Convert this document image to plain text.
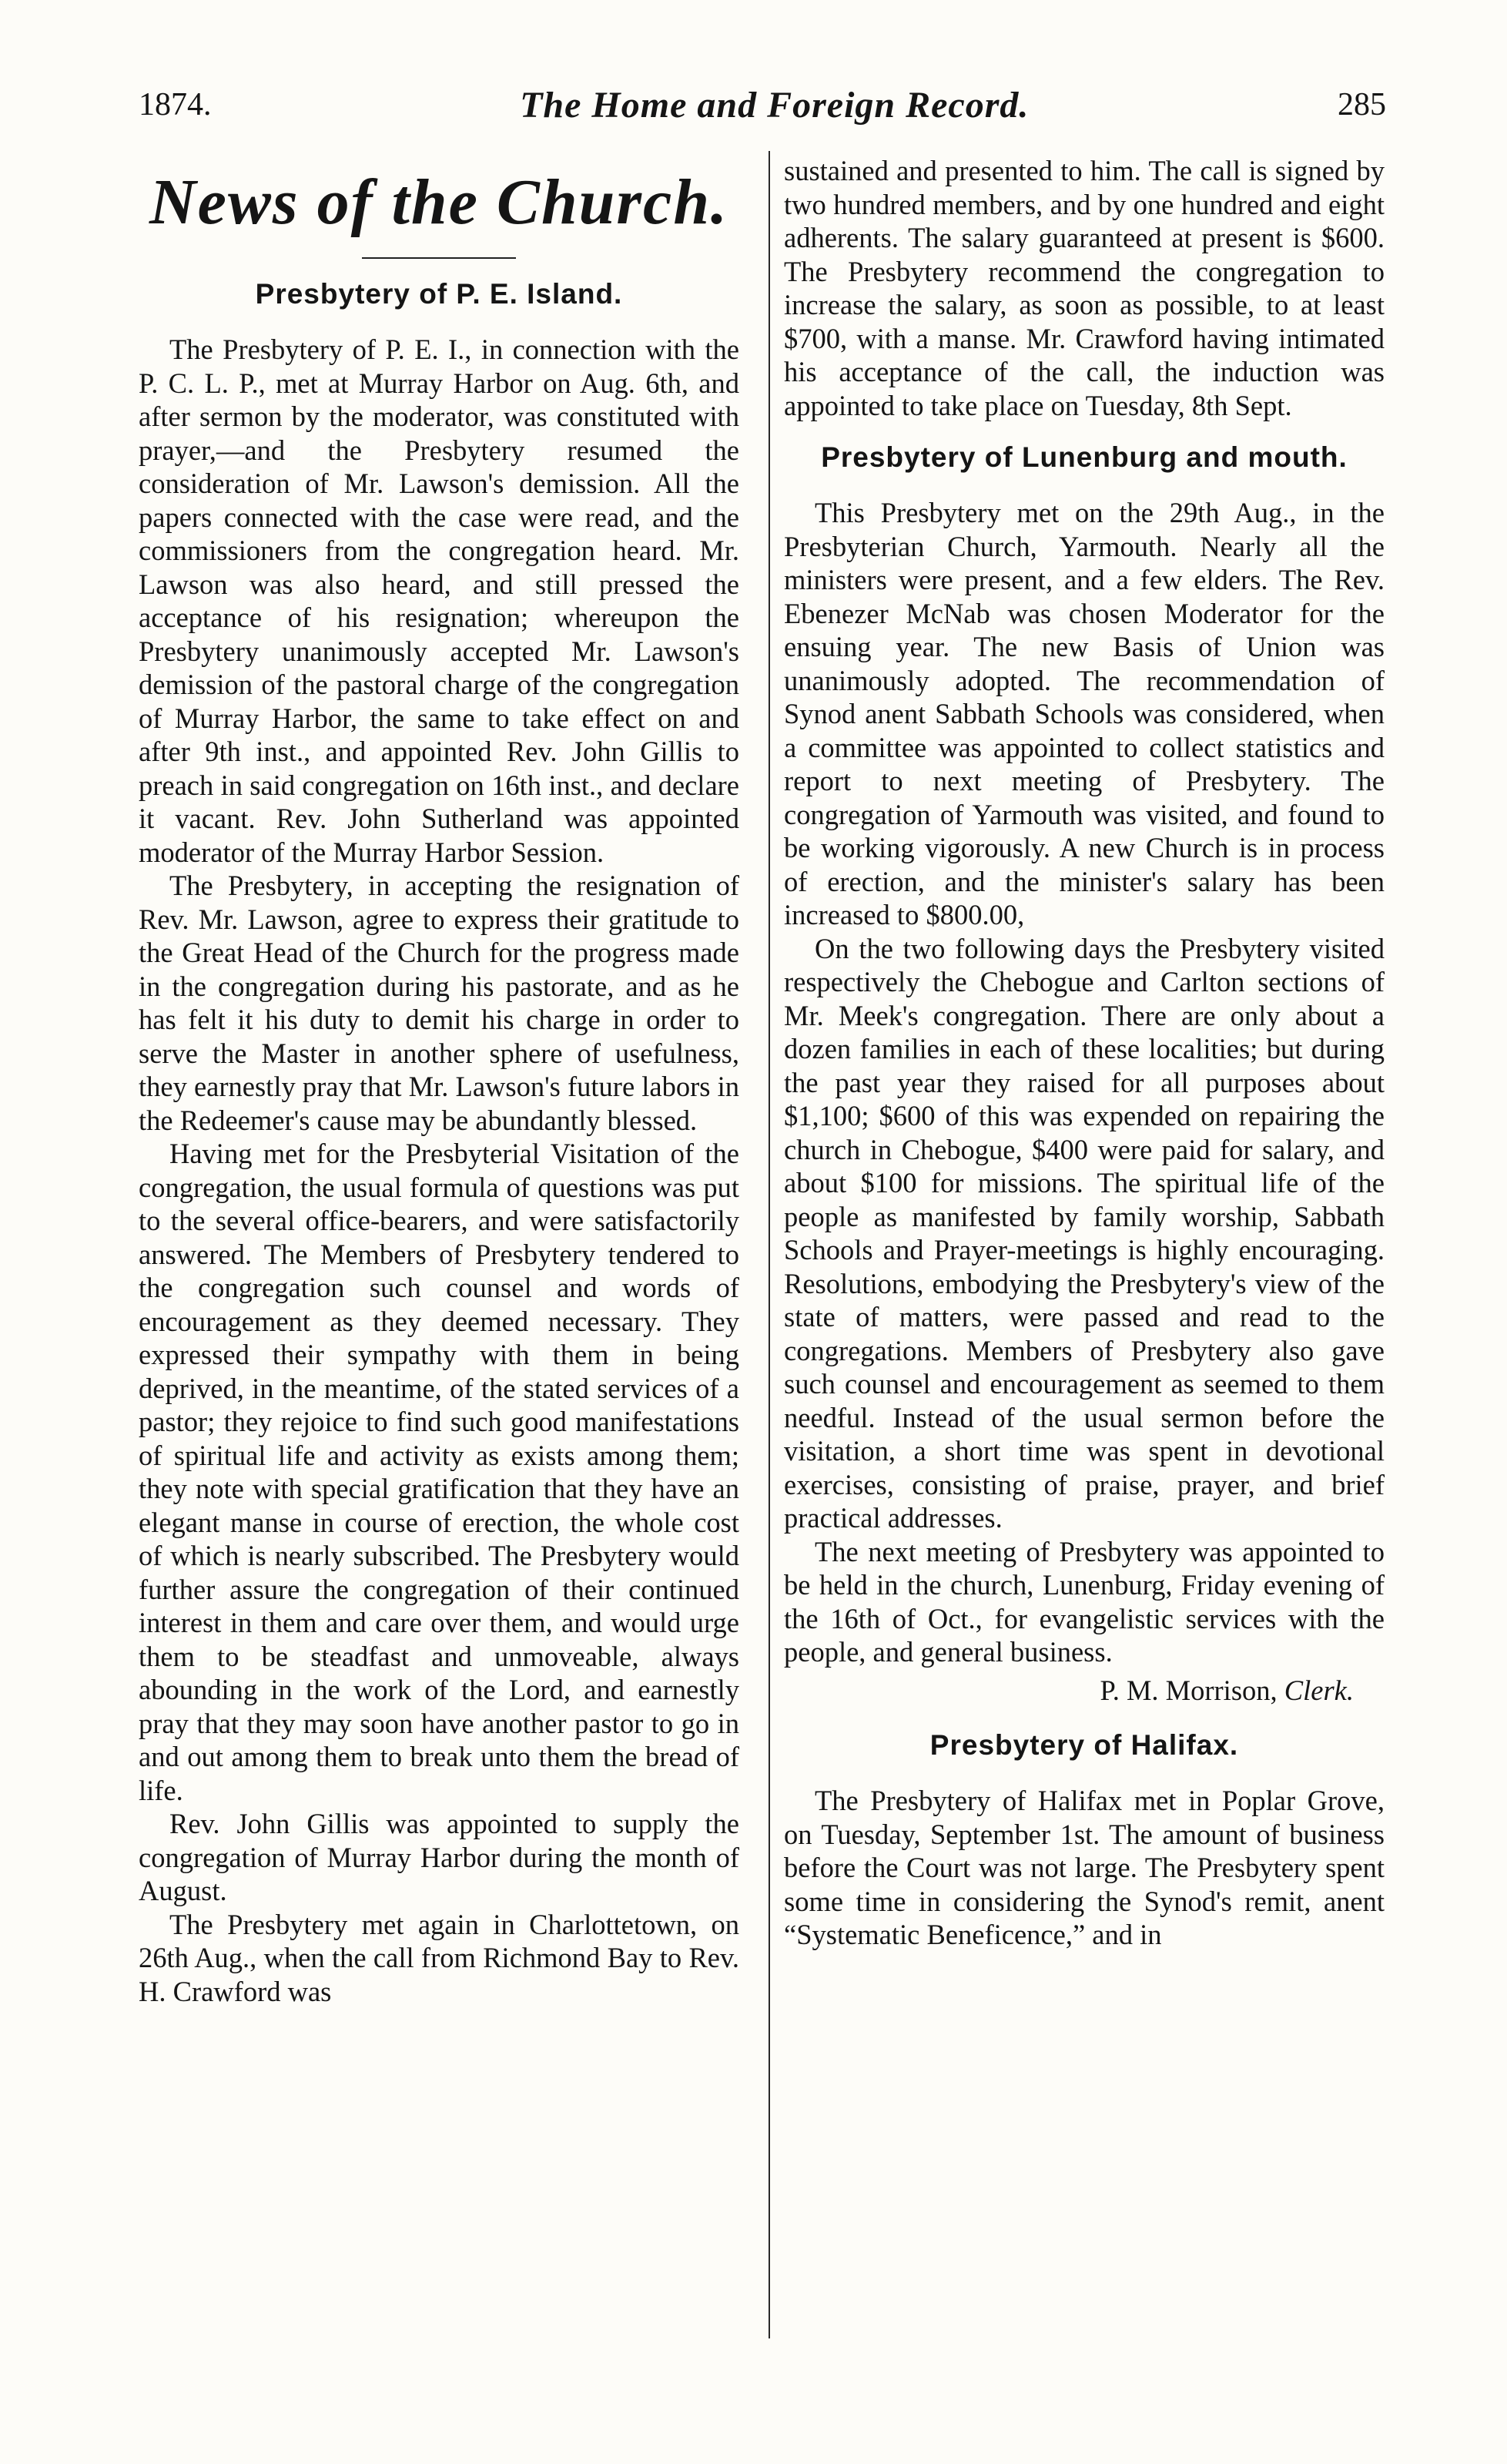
1874.	The Home and Foreign Record.	285
News of the Church.
Presbytery of P. E. Island.

The Presbytery of P. E. I., in connection with the P. C. L. P., met at Murray Harbor on Aug. 6th, and after sermon by the moderator, was constituted with prayer,—and the Presbytery resumed the consideration of Mr. Lawson's demission. All the papers connected with the case were read, and the commissioners from the congregation heard. Mr. Lawson was also heard, and still pressed the acceptance of his resignation; whereupon the Presbytery unanimously accepted Mr. Lawson's demission of the pastoral charge of the congregation of Murray Harbor, the same to take effect on and after 9th inst., and appointed Rev. John Gillis to preach in said congregation on 16th inst., and declare it vacant. Rev. John Sutherland was appointed moderator of the Murray Harbor Session.

The Presbytery, in accepting the resignation of Rev. Mr. Lawson, agree to express their gratitude to the Great Head of the Church for the progress made in the congregation during his pastorate, and as he has felt it his duty to demit his charge in order to serve the Master in another sphere of usefulness, they earnestly pray that Mr. Lawson's future labors in the Redeemer's cause may be abundantly blessed.

Having met for the Presbyterial Visitation of the congregation, the usual formula of questions was put to the several office-bearers, and were satisfactorily answered. The Members of Presbytery tendered to the congregation such counsel and words of encouragement as they deemed necessary. They expressed their sympathy with them in being deprived, in the meantime, of the stated services of a pastor; they rejoice to find such good manifestations of spiritual life and activity as exists among them; they note with special gratification that they have an elegant manse in course of erection, the whole cost of which is nearly subscribed. The Presbytery would further assure the congregation of their continued interest in them and care over them, and would urge them to be steadfast and unmoveable, always abounding in the work of the Lord, and earnestly pray that they may soon have another pastor to go in and out among them to break unto them the bread of life.

Rev. John Gillis was appointed to supply the congregation of Murray Harbor during the month of August.

The Presbytery met again in Charlottetown, on 26th Aug., when the call from Richmond Bay to Rev. H. Crawford was

sustained and presented to him. The call is signed by two hundred members, and by one hundred and eight adherents. The salary guaranteed at present is $600. The Presbytery recommend the congregation to increase the salary, as soon as possible, to at least $700, with a manse. Mr. Crawford having intimated his acceptance of the call, the induction was appointed to take place on Tuesday, 8th Sept.

Presbytery of Lunenburg and mouth.

This Presbytery met on the 29th Aug., in the Presbyterian Church, Yarmouth. Nearly all the ministers were present, and a few elders. The Rev. Ebenezer McNab was chosen Moderator for the ensuing year. The new Basis of Union was unanimously adopted. The recommendation of Synod anent Sabbath Schools was considered, when a committee was appointed to collect statistics and report to next meeting of Presbytery. The congregation of Yarmouth was visited, and found to be working vigorously. A new Church is in process of erection, and the minister's salary has been increased to $800.00,

On the two following days the Presbytery visited respectively the Chebogue and Carlton sections of Mr. Meek's congregation. There are only about a dozen families in each of these localities; but during the past year they raised for all purposes about $1,100; $600 of this was expended on repairing the church in Chebogue, $400 were paid for salary, and about $100 for missions. The spiritual life of the people as manifested by family worship, Sabbath Schools and Prayer-meetings is highly encouraging. Resolutions, embodying the Presbytery's view of the state of matters, were passed and read to the congregations. Members of Presbytery also gave such counsel and encouragement as seemed to them needful. Instead of the usual sermon before the visitation, a short time was spent in devotional exercises, consisting of praise, prayer, and brief practical addresses.

The next meeting of Presbytery was appointed to be held in the church, Lunenburg, Friday evening of the 16th of Oct., for evangelistic services with the people, and general business.

P. M. Morrison, Clerk.
Presbytery of Halifax.

The Presbytery of Halifax met in Poplar Grove, on Tuesday, September 1st. The amount of business before the Court was not large. The Presbytery spent some time in considering the Synod's remit, anent “Systematic Beneficence,” and in
